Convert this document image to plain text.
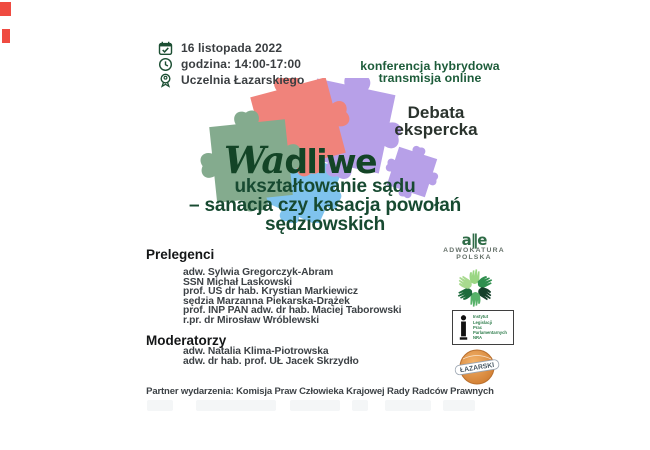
16 listopada 2022
godzina: 14:00-17:00
Uczelnia Łazarskiego
konferencja hybrydowa
transmisja online
Debata
ekspercka
Wadliwe
ukształtowanie sądu
– sanacja czy kasacja powołań
sędziowskich
Prelegenci
adw. Sylwia Gregorczyk-Abram
SSN Michał Laskowski
prof. UŚ dr hab. Krystian Markiewicz
sędzia Marzanna Piekarska-Drążek
prof. INP PAN adw. dr hab. Maciej Taborowski
r.pr. dr Mirosław Wróblewski
Moderatorzy
adw. Natalia Klima-Piotrowska
adw. dr hab. prof. UŁ Jacek Skrzydło
Partner wydarzenia: Komisja Praw Człowieka Krajowej Rady Radców Prawnych
a‖e
ADWOKATURA
POLSKA
Instytut
Legislacji
Prac
Parlamentarnych
NRA
ŁAZARSKI
